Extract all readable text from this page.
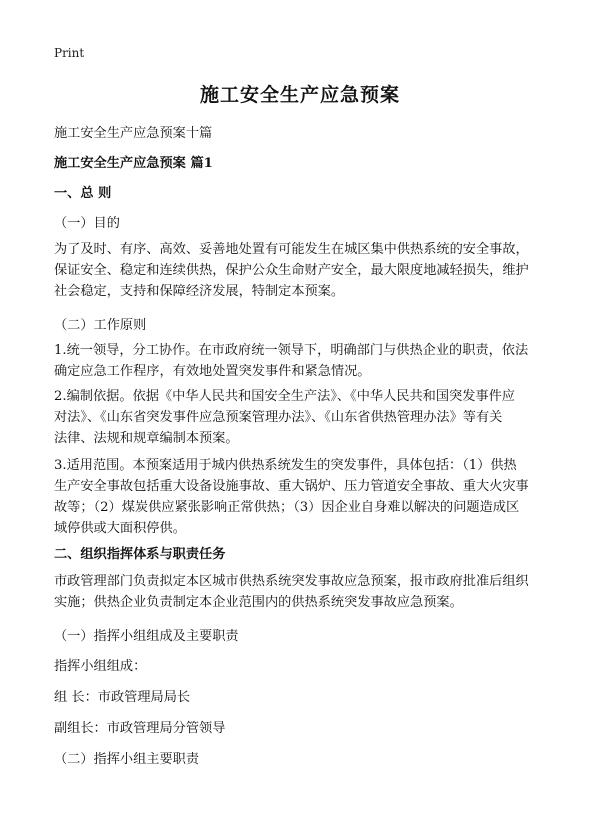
Print
施工安全生产应急预案
施工安全生产应急预案十篇
施工安全生产应急预案 篇1
一、总 则
（一）目的
为了及时、有序、高效、妥善地处置有可能发生在城区集中供热系统的安全事故，
保证安全、稳定和连续供热，保护公众生命财产安全，最大限度地减轻损失，维护
社会稳定，支持和保障经济发展，特制定本预案。
（二）工作原则
1.统一领导，分工协作。在市政府统一领导下，明确部门与供热企业的职责，依法
确定应急工作程序，有效地处置突发事件和紧急情况。
2.编制依据。依据《中华人民共和国安全生产法》、《中华人民共和国突发事件应
对法》、《山东省突发事件应急预案管理办法》、《山东省供热管理办法》等有关
法律、法规和规章编制本预案。
3.适用范围。本预案适用于城内供热系统发生的突发事件，具体包括：（1）供热
生产安全事故包括重大设备设施事故、重大锅炉、压力管道安全事故、重大火灾事
故等；（2）煤炭供应紧张影响正常供热；（3）因企业自身难以解决的问题造成区
域停供或大面积停供。
二、组织指挥体系与职责任务
市政管理部门负责拟定本区城市供热系统突发事故应急预案，报市政府批准后组织
实施；供热企业负责制定本企业范围内的供热系统突发事故应急预案。
（一）指挥小组组成及主要职责
指挥小组组成：
组 长：市政管理局局长
副组长：市政管理局分管领导
（二）指挥小组主要职责
